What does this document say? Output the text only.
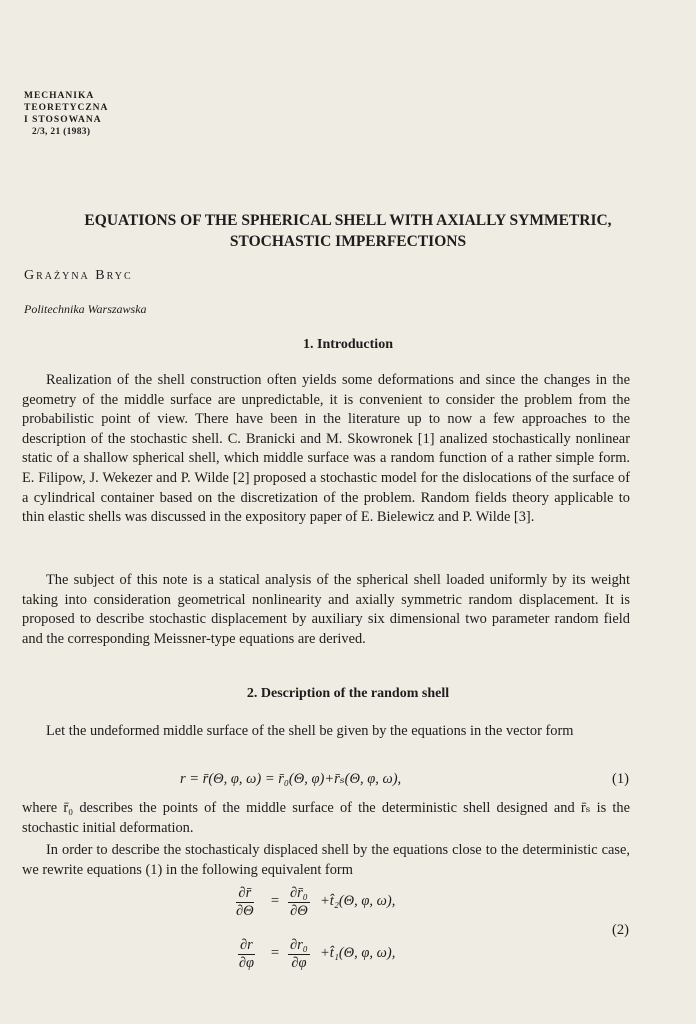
MECHANIKA
TEORETYCZNA
I STOSOWANA
2/3, 21 (1983)
EQUATIONS OF THE SPHERICAL SHELL WITH AXIALLY SYMMETRIC,
STOCHASTIC IMPERFECTIONS
Grażyna Bryc
Politechnika Warszawska
1. Introduction
Realization of the shell construction often yields some deformations and since the changes in the geometry of the middle surface are unpredictable, it is convenient to consider the problem from the probabilistic point of view. There have been in the literature up to now a few approaches to the description of the stochastic shell. C. Branicki and M. Skowronek [1] analized stochastically nonlinear static of a shallow spherical shell, which middle surface was a random function of a rather simple form. E. Filipow, J. Wekezer and P. Wilde [2] proposed a stochastic model for the dislocations of the surface of a cylindrical container based on the discretization of the problem. Random fields theory applicable to thin elastic shells was discussed in the expository paper of E. Bielewicz and P. Wilde [3].
The subject of this note is a statical analysis of the spherical shell loaded uniformly by its weight taking into consideration geometrical nonlinearity and axially symmetric random displacement. It is proposed to describe stochastic displacement by auxiliary six dimensional two parameter random field and the corresponding Meissner-type equations are derived.
2. Description of the random shell
Let the undeformed middle surface of the shell be given by the equations in the vector form
r = r̄(Θ, φ, ω) = r̄₀(Θ, φ)+r̄ₛ(Θ, φ, ω),	(1)
where r̄₀ describes the points of the middle surface of the deterministic shell designed and r̄ₛ is the stochastic initial deformation.
In order to describe the stochasticaly displaced shell by the equations close to the deterministic case, we rewrite equations (1) in the following equivalent form
$\frac{\partial r̄}{\partial\Theta} = \frac{\text{∂r̄₀}}{\partial\Theta}$ +t̂₂(Θ, φ, ω),
$\frac{\partial r}{\partial\varphi} = \frac{\text{∂r₀}}{\partial\varphi}$ +t̂₁(Θ, φ, ω),
(2)
